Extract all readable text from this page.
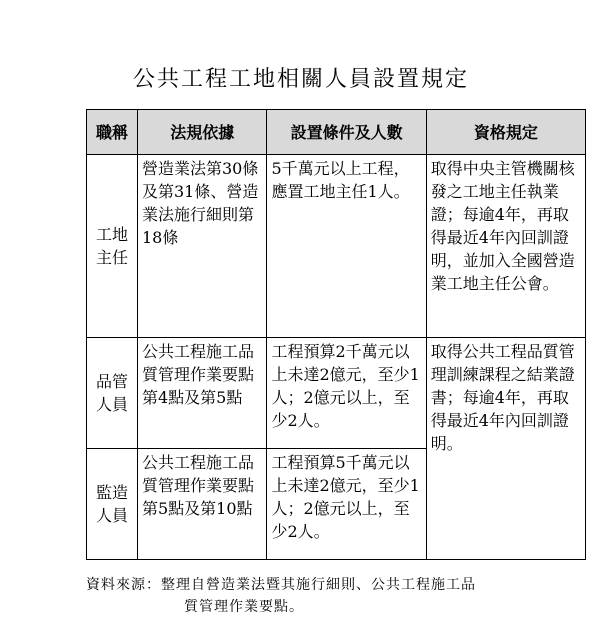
公共工程工地相關人員設置規定
職稱	法規依據	設置條件及人數	資格規定
工地主任	營造業法第30條及第31條、營造業法施行細則第18條	5千萬元以上工程，應置工地主任1人。	取得中央主管機關核發之工地主任執業證；每逾4年，再取得最近4年內回訓證明，並加入全國營造業工地主任公會。
品管人員	公共工程施工品質管理作業要點第4點及第5點	工程預算2千萬元以上未達2億元，至少1人；2億元以上，至少2人。	取得公共工程品質管理訓練課程之結業證書；每逾4年，再取得最近4年內回訓證明。
監造人員	公共工程施工品質管理作業要點第5點及第10點	工程預算5千萬元以上未達2億元，至少1人；2億元以上，至少2人。	
資料來源：整理自營造業法暨其施行細則、公共工程施工品
質管理作業要點。
